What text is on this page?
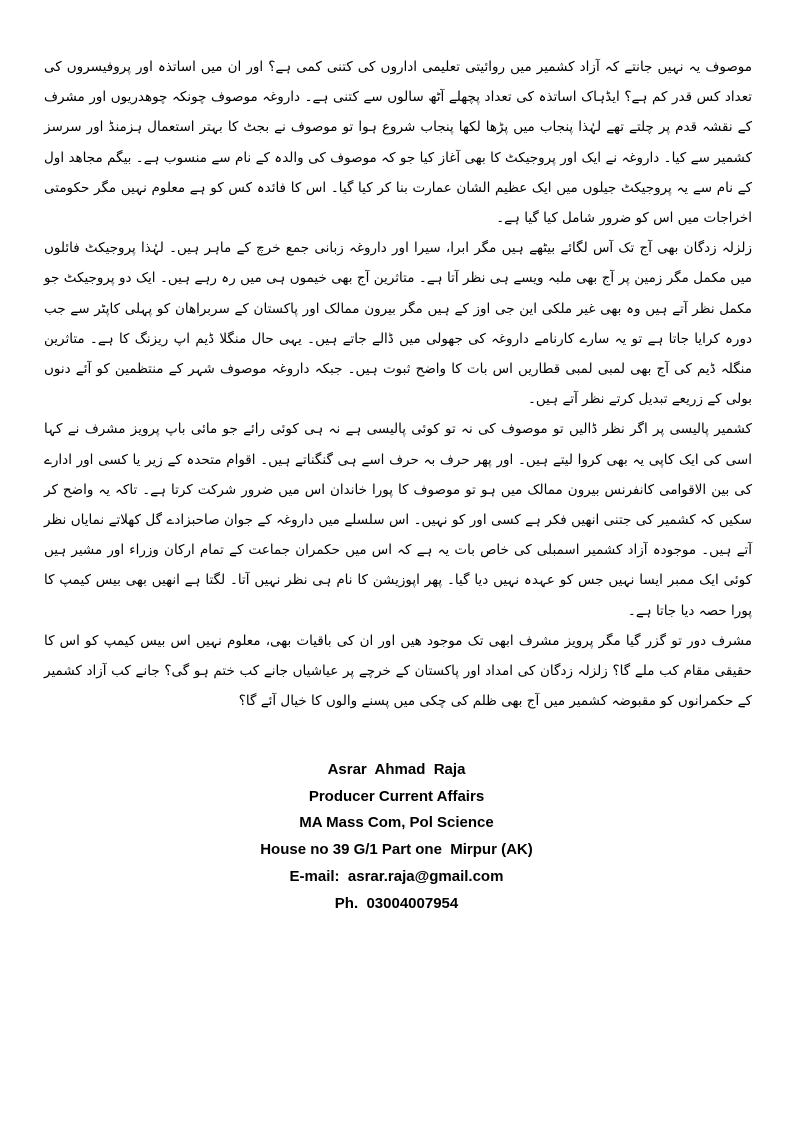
موصوف یہ نہیں جانتے کہ آزاد کشمیر میں روائیتی تعلیمی اداروں کی کتنی کمی ہے؟ اور ان میں اساتذہ اور پروفیسروں کی تعداد کس قدر کم ہے؟ ایڈہاک اساتذہ کی تعداد پچھلے آٹھ سالوں سے کتنی ہے۔ داروغہ موصوف چونکہ چوھدریوں اور مشرف کے نقشہ قدم پر چلتے تھے لہٰذا پنجاب میں پڑھا لکھا پنجاب شروع ہوا تو موصوف نے بجٹ کا بہتر استعمال ہزمنڈ اور سرسز کشمیر سے کیا۔ داروغہ نے ایک اور پروجیکٹ کا بھی آغاز کیا جو کہ موصوف کی والدہ کے نام سے منسوب ہے۔ بیگم مجاھد اول کے نام سے یہ پروجیکٹ جیلوں میں ایک عظیم الشان عمارت بنا کر کیا گیا۔ اس کا فائدہ کس کو ہے معلوم نہیں مگر حکومتی اخراجات میں اس کو ضرور شامل کیا گیا ہے۔

زلزلہ زدگان بھی آج تک آس لگائے بیٹھے ہیں مگر ابرا، سیرا اور داروغہ زبانی جمع خرچ کے ماہر ہیں۔ لہٰذا پروجیکٹ فائلوں میں مکمل مگر زمین پر آج بھی ملبہ ویسے ہی نظر آتا ہے۔ متاثرین آج بھی خیموں ہی میں رہ رہے ہیں۔ ایک دو پروجیکٹ جو مکمل نظر آتے ہیں وہ بھی غیر ملکی این جی اوز کے ہیں مگر بیرون ممالک اور پاکستان کے سربراھان کو پہلی کاپٹر سے جب دورہ کرایا جاتا ہے تو یہ سارے کارنامے داروغہ کی جھولی میں ڈالے جاتے ہیں۔ یہی حال منگلا ڈیم اپ ریزنگ کا ہے۔ متاثرین منگلہ ڈیم کی آج بھی لمبی لمبی قطاریں اس بات کا واضح ثبوت ہیں۔ جبکہ داروغہ موصوف شہر کے منتظمین کو آئے دنوں بولی کے زریعے تبدیل کرتے نظر آتے ہیں۔

کشمیر پالیسی پر اگر نظر ڈالیں تو موصوف کی نہ تو کوئی پالیسی ہے نہ ہی کوئی رائے جو مائی باپ پرویز مشرف نے کہا اسی کی ایک کاپی یہ بھی کروا لیتے ہیں۔ اور پھر حرف بہ حرف اسے ہی گنگناتے ہیں۔ اقوام متحدہ کے زیر یا کسی اور ادارے کی بین الاقوامی کانفرنس بیرون ممالک میں ہو تو موصوف کا پورا خاندان اس میں ضرور شرکت کرتا ہے۔ تاکہ یہ واضح کر سکیں کہ کشمیر کی جتنی انھیں فکر ہے کسی اور کو نہیں۔ اس سلسلے میں داروغہ کے جوان صاحبزادے گل کھلاتے نمایاں نظر آتے ہیں۔ موجودہ آزاد کشمیر اسمبلی کی خاص بات یہ ہے کہ اس میں حکمران جماعت کے تمام ارکان وزراء اور مشیر ہیں کوئی ایک ممبر ایسا نہیں جس کو عہدہ نہیں دیا گیا۔ پھر اپوزیشن کا نام ہی نظر نہیں آتا۔ لگتا ہے انھیں بھی بیس کیمپ کا پورا حصہ دیا جاتا ہے۔

مشرف دور تو گزر گیا مگر پرویز مشرف ابھی تک موجود ھیں اور ان کی باقیات بھی، معلوم نہیں اس بیس کیمپ کو اس کا حقیقی مقام کب ملے گا؟ زلزلہ زدگان کی امداد اور پاکستان کے خرچے پر عیاشیاں جانے کب ختم ہو گی؟ جانے کب آزاد کشمیر کے حکمرانوں کو مقبوضہ کشمیر میں آج بھی ظلم کی چکی میں پسنے والوں کا خیال آئے گا؟

Asrar  Ahmad  Raja
Producer Current Affairs
MA Mass Com, Pol Science
House no 39 G/1 Part one  Mirpur (AK)
E-mail:  asrar.raja@gmail.com
Ph.  03004007954
